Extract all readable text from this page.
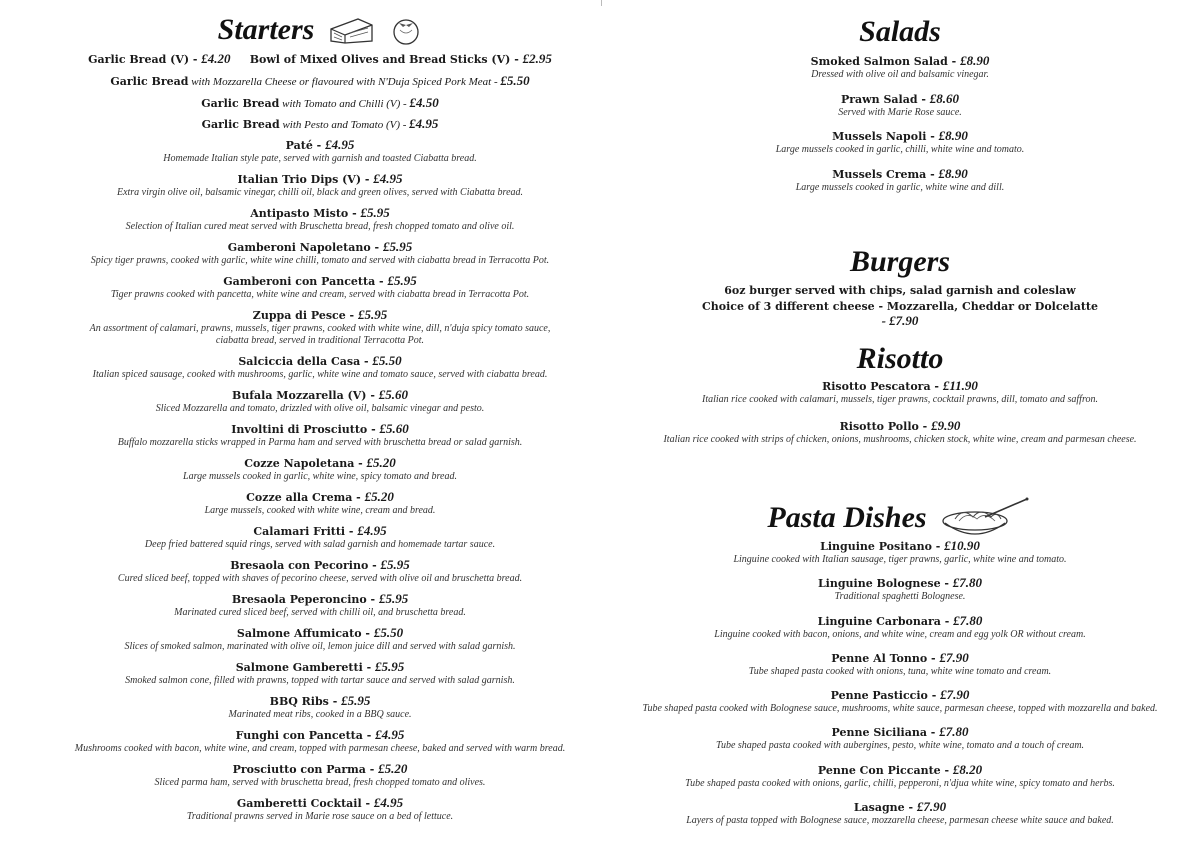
Starters
Garlic Bread (V) - £4.20 Bowl of Mixed Olives and Bread Sticks (V) - £2.95
Garlic Bread with Mozzarella Cheese or flavoured with N'Duja Spiced Pork Meat - £5.50
Garlic Bread with Tomato and Chilli (V) - £4.50
Garlic Bread with Pesto and Tomato (V) - £4.95
Paté - £4.95
Homemade Italian style pate, served with garnish and toasted Ciabatta bread.
Italian Trio Dips (V) - £4.95
Extra virgin olive oil, balsamic vinegar, chilli oil, black and green olives, served with Ciabatta bread.
Antipasto Misto - £5.95
Selection of Italian cured meat served with Bruschetta bread, fresh chopped tomato and olive oil.
Gamberoni Napoletano - £5.95
Spicy tiger prawns, cooked with garlic, white wine chilli, tomato and served with ciabatta bread in Terracotta Pot.
Gamberoni con Pancetta - £5.95
Tiger prawns cooked with pancetta, white wine and cream, served with ciabatta bread in Terracotta Pot.
Zuppa di Pesce - £5.95
An assortment of calamari, prawns, mussels, tiger prawns, cooked with white wine, dill, n'duja spicy tomato sauce,
ciabatta bread, served in traditional Terracotta Pot.
Salciccia della Casa - £5.50
Italian spiced sausage, cooked with mushrooms, garlic, white wine and tomato sauce, served with ciabatta bread.
Bufala Mozzarella (V) - £5.60
Sliced Mozzarella and tomato, drizzled with olive oil, balsamic vinegar and pesto.
Involtini di Prosciutto - £5.60
Buffalo mozzarella sticks wrapped in Parma ham and served with bruschetta bread or salad garnish.
Cozze Napoletana - £5.20
Large mussels cooked in garlic, white wine, spicy tomato and bread.
Cozze alla Crema - £5.20
Large mussels, cooked with white wine, cream and bread.
Calamari Fritti - £4.95
Deep fried battered squid rings, served with salad garnish and homemade tartar sauce.
Bresaola con Pecorino - £5.95
Cured sliced beef, topped with shaves of pecorino cheese, served with olive oil and bruschetta bread.
Bresaola Peperoncino - £5.95
Marinated cured sliced beef, served with chilli oil, and bruschetta bread.
Salmone Affumicato - £5.50
Slices of smoked salmon, marinated with olive oil, lemon juice dill and served with salad garnish.
Salmone Gamberetti - £5.95
Smoked salmon cone, filled with prawns, topped with tartar sauce and served with salad garnish.
BBQ Ribs - £5.95
Marinated meat ribs, cooked in a BBQ sauce.
Funghi con Pancetta - £4.95
Mushrooms cooked with bacon, white wine, and cream, topped with parmesan cheese, baked and served with warm bread.
Prosciutto con Parma - £5.20
Sliced parma ham, served with bruschetta bread, fresh chopped tomato and olives.
Gamberetti Cocktail - £4.95
Traditional prawns served in Marie rose sauce on a bed of lettuce.
Salads
Smoked Salmon Salad - £8.90
Dressed with olive oil and balsamic vinegar.
Prawn Salad - £8.60
Served with Marie Rose sauce.
Mussels Napoli - £8.90
Large mussels cooked in garlic, chilli, white wine and tomato.
Mussels Crema - £8.90
Large mussels cooked in garlic, white wine and dill.
Burgers
6oz burger served with chips, salad garnish and coleslaw
Choice of 3 different cheese - Mozzarella, Cheddar or Dolcelatte
- £7.90
Risotto
Risotto Pescatora - £11.90
Italian rice cooked with calamari, mussels, tiger prawns, cocktail prawns, dill, tomato and saffron.
Risotto Pollo - £9.90
Italian rice cooked with strips of chicken, onions, mushrooms, chicken stock, white wine, cream and parmesan cheese.
Pasta Dishes
Linguine Positano - £10.90
Linguine cooked with Italian sausage, tiger prawns, garlic, white wine and tomato.
Linguine Bolognese - £7.80
Traditional spaghetti Bolognese.
Linguine Carbonara - £7.80
Linguine cooked with bacon, onions, and white wine, cream and egg yolk OR without cream.
Penne Al Tonno - £7.90
Tube shaped pasta cooked with onions, tuna, white wine tomato and cream.
Penne Pasticcio - £7.90
Tube shaped pasta cooked with Bolognese sauce, mushrooms, white sauce, parmesan cheese, topped with mozzarella and baked.
Penne Siciliana - £7.80
Tube shaped pasta cooked with aubergines, pesto, white wine, tomato and a touch of cream.
Penne Con Piccante - £8.20
Tube shaped pasta cooked with onions, garlic, chilli, pepperoni, n'djua white wine, spicy tomato and herbs.
Lasagne - £7.90
Layers of pasta topped with Bolognese sauce, mozzarella cheese, parmesan cheese white sauce and baked.
